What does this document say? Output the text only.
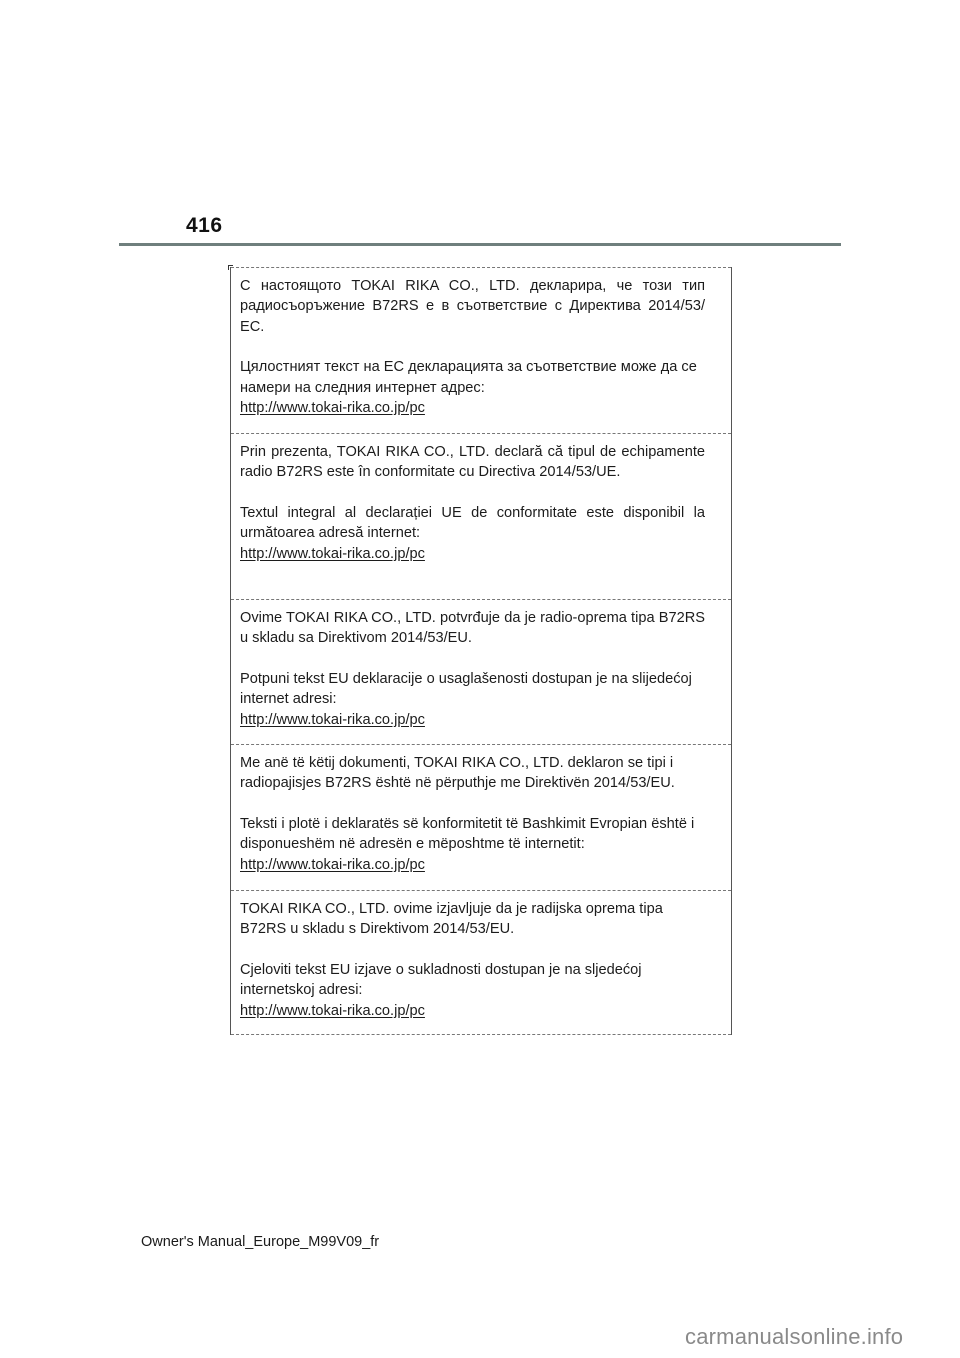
416

С настоящото TOKAI RIKA CO., LTD. декларира, че този тип радиосъоръжение B72RS е в съответствие с Директива 2014/53/ЕС.

Цялостният текст на ЕС декларацията за съответствие може да се намери на следния интернет адрес:
http://www.tokai-rika.co.jp/pc

Prin prezenta, TOKAI RIKA CO., LTD. declară că tipul de echipamente radio B72RS este în conformitate cu Directiva 2014/53/UE.

Textul integral al declarației UE de conformitate este disponibil la următoarea adresă internet:
http://www.tokai-rika.co.jp/pc

Ovime TOKAI RIKA CO., LTD. potvrđuje da je radio-oprema tipa B72RS u skladu sa Direktivom 2014/53/EU.

Potpuni tekst EU deklaracije o usaglašenosti dostupan je na slijedećoj internet adresi:
http://www.tokai-rika.co.jp/pc

Me anë të këtij dokumenti, TOKAI RIKA CO., LTD. deklaron se tipi i radiopajisjes B72RS është në përputhje me Direktivën 2014/53/EU.

Teksti i plotë i deklaratës së konformitetit të Bashkimit Evropian është i disponueshëm në adresën e mëposhtme të internetit:
http://www.tokai-rika.co.jp/pc

TOKAI RIKA CO., LTD. ovime izjavljuje da je radijska oprema tipa B72RS u skladu s Direktivom 2014/53/EU.

Cjeloviti tekst EU izjave o sukladnosti dostupan je na sljedećoj internetskoj adresi:
http://www.tokai-rika.co.jp/pc

Owner's Manual_Europe_M99V09_fr
carmanualsonline.info
